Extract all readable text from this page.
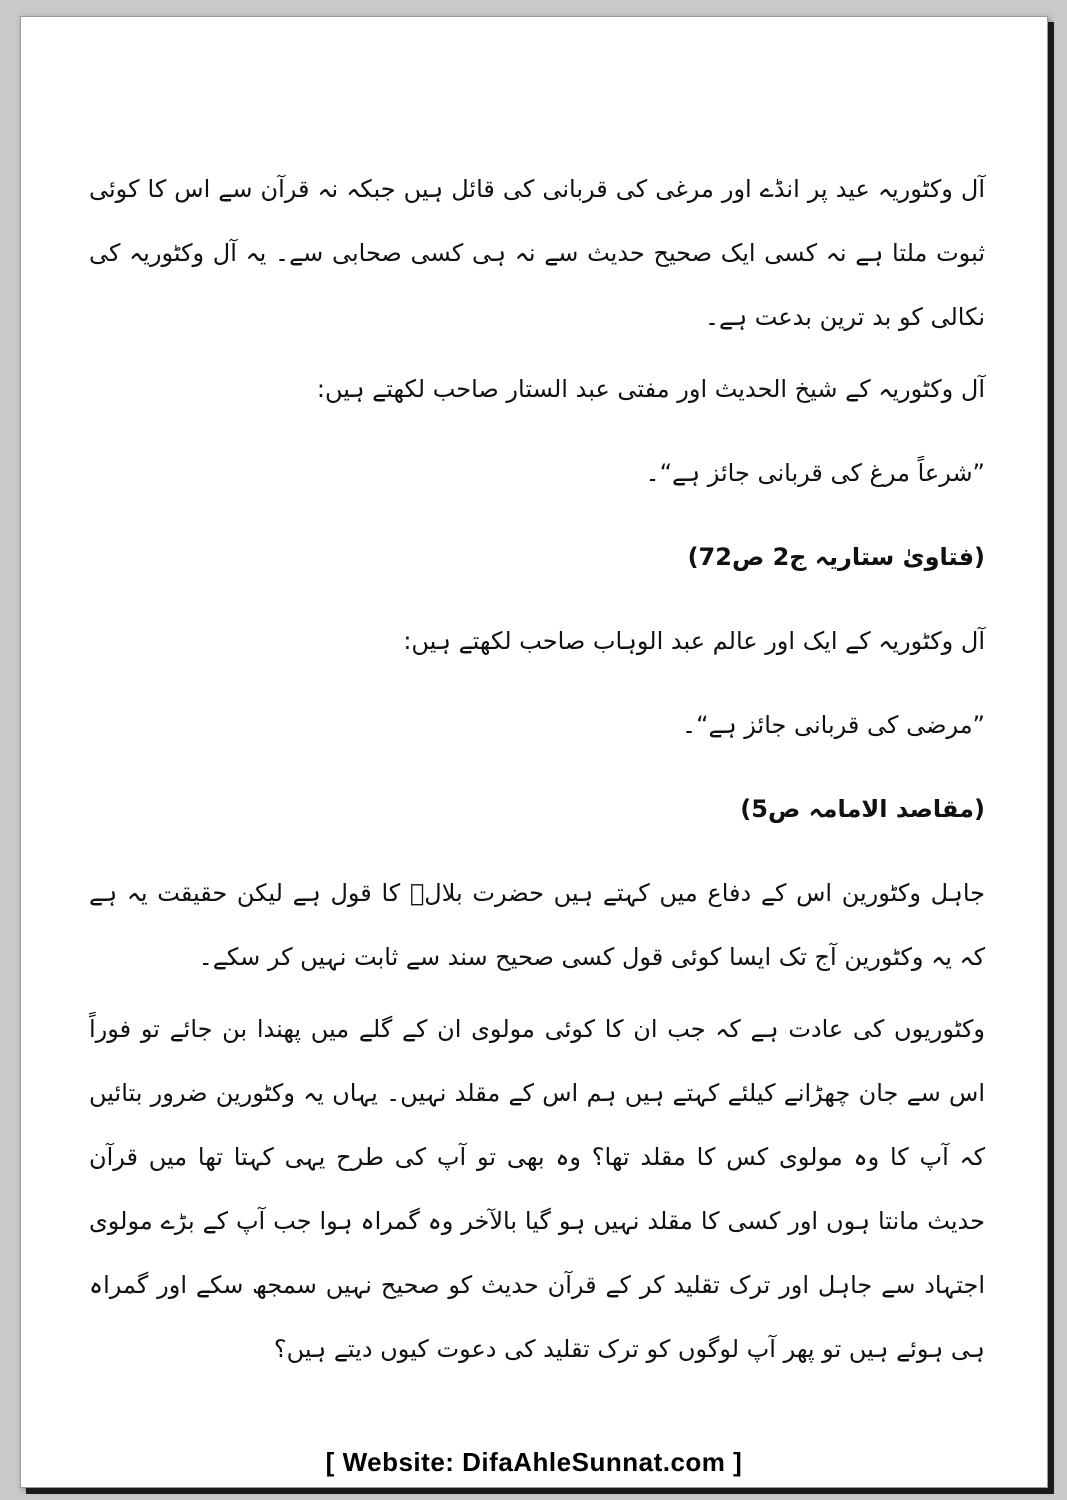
آل وکٹوریہ عید پر انڈے اور مرغی کی قربانی کی قائل ہیں جبکہ نہ قرآن سے اس کا کوئی ثبوت ملتا ہے نہ کسی ایک صحیح حدیث سے نہ ہی کسی صحابی سے۔ یہ آل وکٹوریہ کی نکالی کو بد ترین بدعت ہے۔

آل وکٹوریہ کے شیخ الحدیث اور مفتی عبد الستار صاحب لکھتے ہیں:

”شرعاً مرغ کی قربانی جائز ہے“۔

(فتاویٰ ستاریہ ج2 ص72)

آل وکٹوریہ کے ایک اور عالم عبد الوہاب صاحب لکھتے ہیں:

”مرضی کی قربانی جائز ہے“۔

(مقاصد الامامہ ص5)

جاہل وکٹورین اس کے دفاع میں کہتے ہیں حضرت بلالؓ کا قول ہے لیکن حقیقت یہ ہے کہ یہ وکٹورین آج تک ایسا کوئی قول کسی صحیح سند سے ثابت نہیں کر سکے۔

وکٹوریوں کی عادت ہے کہ جب ان کا کوئی مولوی ان کے گلے میں پھندا بن جائے تو فوراً اس سے جان چھڑانے کیلئے کہتے ہیں ہم اس کے مقلد نہیں۔ یہاں یہ وکٹورین ضرور بتائیں کہ آپ کا وہ مولوی کس کا مقلد تھا؟ وہ بھی تو آپ کی طرح یہی کہتا تھا میں قرآن حدیث مانتا ہوں اور کسی کا مقلد نہیں ہو گیا بالآخر وہ گمراہ ہوا جب آپ کے بڑے مولوی اجتہاد سے جاہل اور ترک تقلید کر کے قرآن حدیث کو صحیح نہیں سمجھ سکے اور گمراہ ہی ہوئے ہیں تو پھر آپ لوگوں کو ترک تقلید کی دعوت کیوں دیتے ہیں؟

[ Website: DifaAhleSunnat.com ]
